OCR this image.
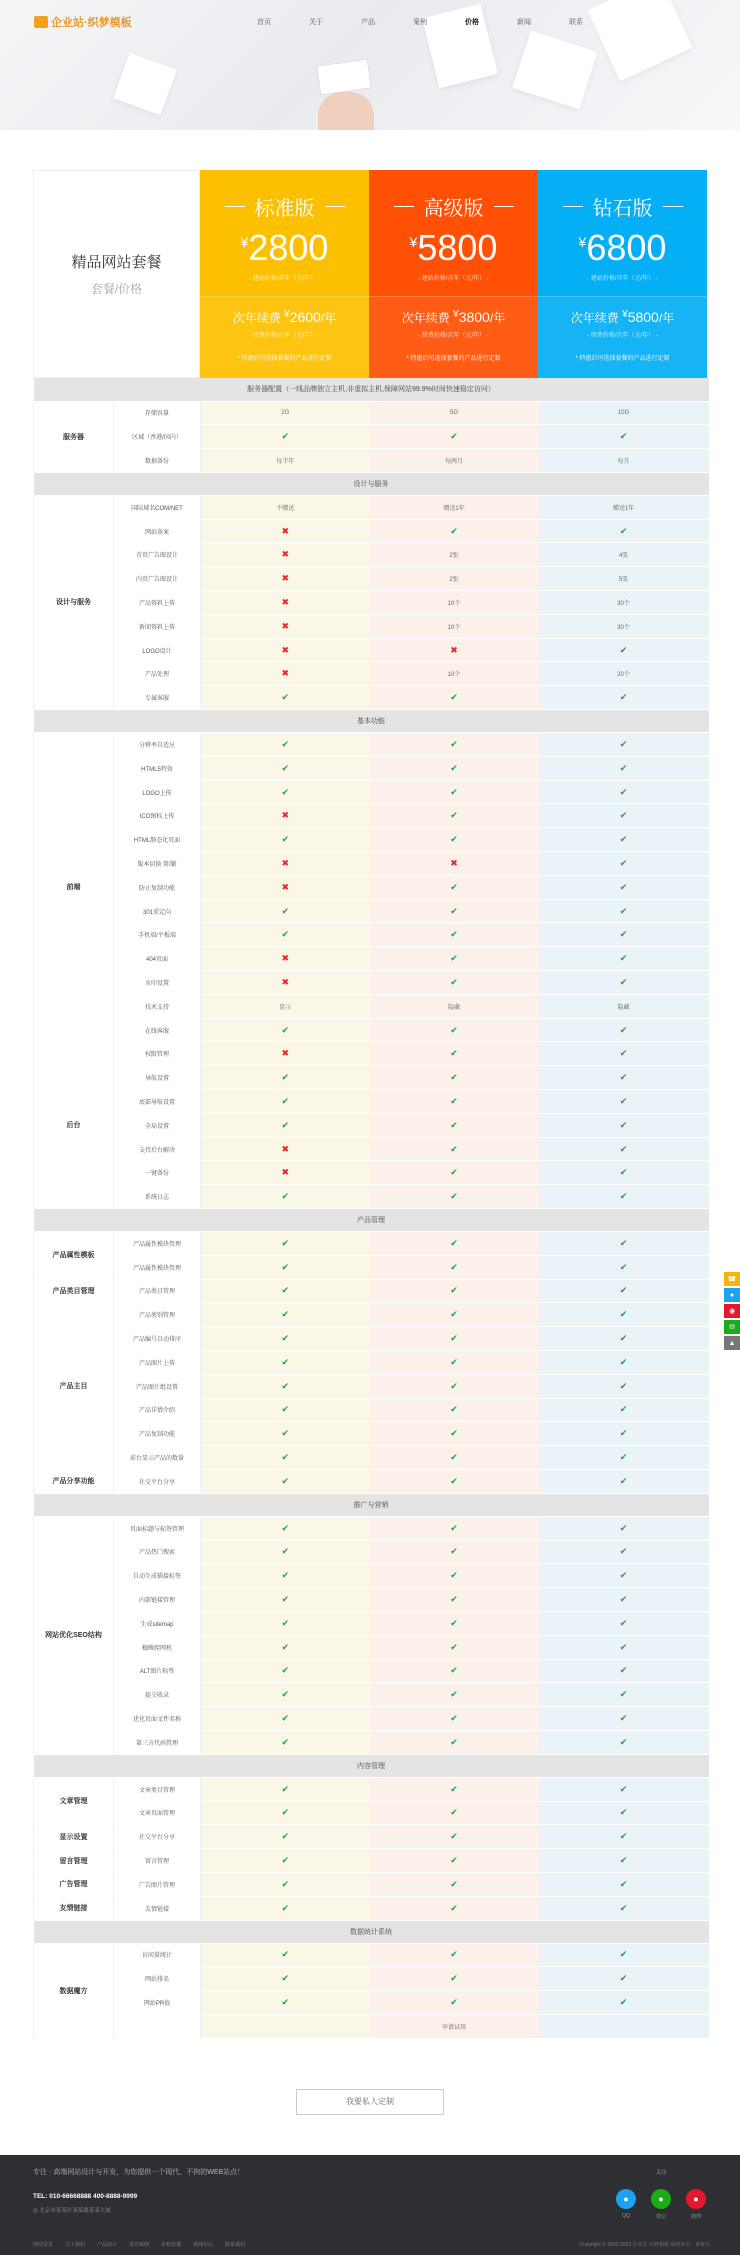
企业站·织梦模板	首页	关于	产品	案例	价格	新闻	联系
精品网站套餐
套餐/价格
标准版
¥2800
- 建站价格/首年（元/年） -
次年续费 ¥2600/年
- 续费价格/次年（元/年） -
* 特惠后可选择套餐的产品进行定制
高级版
¥5800
- 建站价格/首年（元/年） -
次年续费 ¥3800/年
- 续费价格/次年（元/年） -
* 特惠后可选择套餐的产品进行定制
钻石版
¥6800
- 建站价格/首年（元/年） -
次年续费 ¥5800/年
- 续费价格/次年（元/年） -
* 特惠后可选择套餐的产品进行定制
服务器配置（一线品牌独立主机,非虚拟主机,保障网站99.9%时间快速稳定访问）				
服务器	存储容量	2G	5G	10G
	区域（香港/国内）	✔	✔	✔
	数据备份	每半年	每两月	每月
设计与服务				
设计与服务	国际域名COM/NET	不赠送	赠送1年	赠送1年
	网站备案	✖	✔	✔
	首页广告图设计	✖	2张	4张
	内页广告图设计	✖	2张	5张
	产品资料上传	✖	10个	30个
	新闻资料上传	✖	10个	30个
	LOGO设计	✖	✖	✔
	产品处理	✖	10个	20个
	专属客服	✔	✔	✔
基本功能				
前端	分辨率自适应	✔	✔	✔
	HTML5特效	✔	✔	✔
	LOGO上传	✔	✔	✔
	ICO图标上传	✖	✔	✔
	HTML静态化页面	✔	✔	✔
	版本切换 简/繁	✖	✖	✔
	防止复制功能	✖	✔	✔
	301重定向	✔	✔	✔
	手机端/平板端	✔	✔	✔
	404页面	✖	✔	✔
	水印设置	✖	✔	✔
	技术支持	显示	隐藏	隐藏
	在线客服	✔	✔	✔
后台	权限管理	✖	✔	✔
	导航设置	✔	✔	✔
	底部导航设置	✔	✔	✔
	全局设置	✔	✔	✔
	支持后台解决	✖	✔	✔
	一键备份	✖	✔	✔
	系统日志	✔	✔	✔
产品管理				
产品属性模板	产品属性模块管理	✔	✔	✔
	产品属性模块管理	✔	✔	✔
产品类目管理	产品类目管理	✔	✔	✔
产品主目	产品类别管理	✔	✔	✔
	产品编号自动排序	✔	✔	✔
	产品图片上传	✔	✔	✔
	产品图片组设置	✔	✔	✔
	产品详情介绍	✔	✔	✔
	产品复制功能	✔	✔	✔
	前台显示产品的数量	✔	✔	✔
产品分享功能	社交平台分享	✔	✔	✔
推广与营销				
网站优化SEO结构	页面标题与标签管理	✔	✔	✔
	产品热门搜索	✔	✔	✔
	自动生成锚接标签	✔	✔	✔
	内部链接管理	✔	✔	✔
	生成sitemap	✔	✔	✔
	蜘蛛爬网机	✔	✔	✔
	ALT图片标签	✔	✔	✔
	提交收录	✔	✔	✔
	优化页面文件名称	✔	✔	✔
	第三方代码管理	✔	✔	✔
内容管理				
文章管理	文章类目管理	✔	✔	✔
	文章页面管理	✔	✔	✔
显示设置	社交平台分享	✔	✔	✔
留言管理	留言管理	✔	✔	✔
广告管理	广告图片管理	✔	✔	✔
友情链接	友情链接	✔	✔	✔
数据统计系统				
数据魔方	访问量统计	✔	✔	✔
	网站排名	✔	✔	✔
	网站PR值	✔	✔	✔
			申请试用	
我要私人定制
专注 · 高端网站设计与开发，为您提供一个现代、不拘的WEB站点！
TEL: 010-66668888 400-8888-9999
◎ 北京市某某区某某路某某大厦
关注
●
QQ
●
微信
●
微博
网站首页 关于我们 产品展示 成功案例 价格套餐 新闻中心 联系我们	Copyright © 2002-2023 企业站·织梦模板 版权所有 · 备案号
☎
●
◉
✉
▲
